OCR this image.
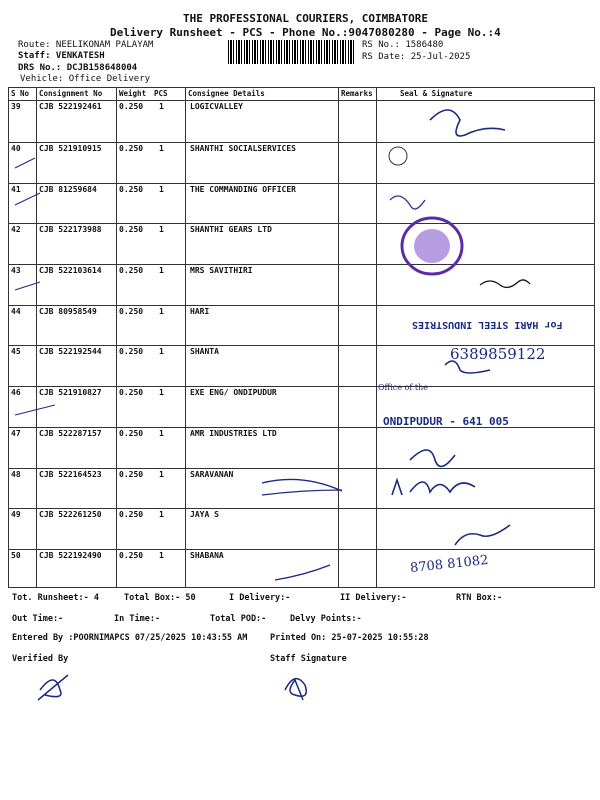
THE PROFESSIONAL COURIERS, COIMBATORE
Delivery Runsheet - PCS - Phone No.:9047080280 - Page No.:4
Route: NEELIKONAM PALAYAM
Staff: VENKATESH
DRS No.: DCJB158648004
Vehicle: Office Delivery
RS No.: 1586480
RS Date: 25-Jul-2025
S No Consignment No Weight PCS	Consignee Details	Remarks	Seal & Signature
39 CJB 522192461 0.250 1	LOGICVALLEY
40 CJB 521910915 0.250 1	SHANTHI SOCIALSERVICES
41 CJB 81259684	0.250 1	THE COMMANDING OFFICER
42 CJB 522173988 0.250 1	SHANTHI GEARS LTD
43 CJB 522103614 0.250 1	MRS SAVITHIRI
44 CJB 80958549	0.250 1	HARI
45 CJB 522192544 0.250 1	SHANTA
46 CJB 521910827 0.250 1	EXE ENG/ ONDIPUDUR
47 CJB 522287157 0.250 1	AMR INDUSTRIES LTD
48 CJB 522164523 0.250 1	SARAVANAN
49 CJB 522261250 0.250 1	JAYA S
50 CJB 522192490 0.250 1	SHABANA
For HARI STEEL INDUSTRIES
6389859122
Office of the
ONDIPUDUR - 641 005
8708 81082
Tot. Runsheet:- 4	Total Box:- 50	I Delivery:-	II Delivery:-	RTN Box:-
Out Time:-	In Time:-	Total POD:-	Delvy Points:-
Entered By :POORNIMAPCS 07/25/2025 10:43:55 AM	Printed On: 25-07-2025 10:55:28
Verified By	Staff Signature
